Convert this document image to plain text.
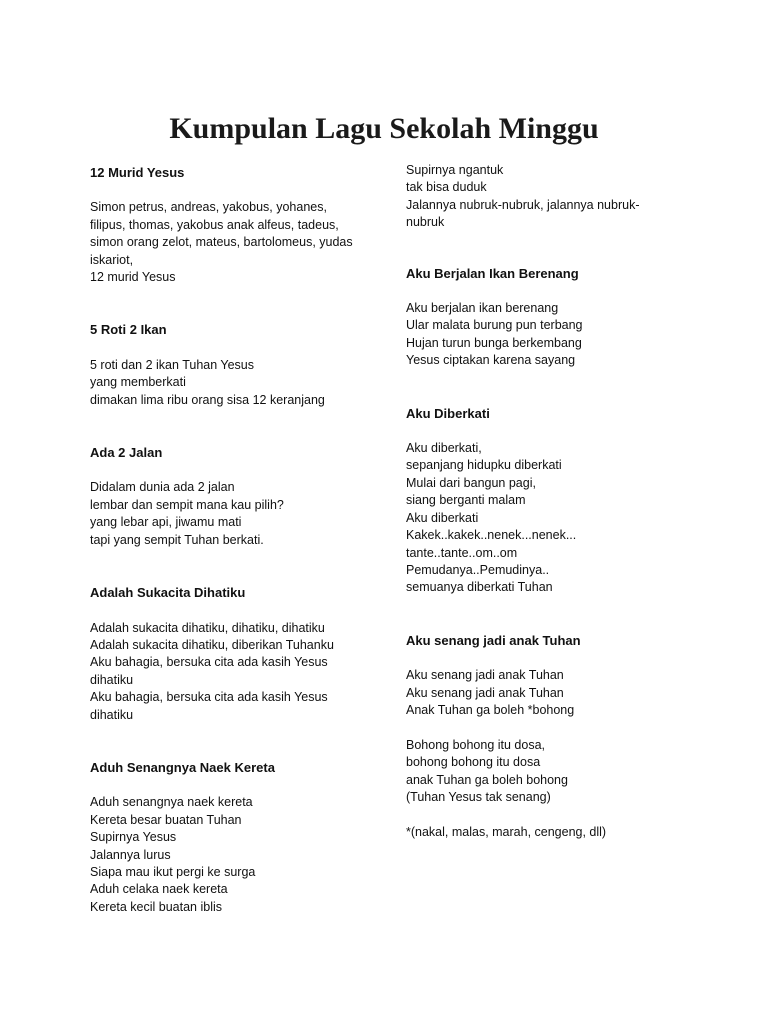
Kumpulan Lagu Sekolah Minggu
12 Murid Yesus
Simon petrus, andreas, yakobus, yohanes,
filipus, thomas, yakobus anak alfeus, tadeus,
simon orang zelot, mateus, bartolomeus, yudas
iskariot,
12 murid Yesus
5 Roti 2 Ikan
5 roti dan 2 ikan Tuhan Yesus
yang memberkati
dimakan lima ribu orang sisa 12 keranjang
Ada 2 Jalan
Didalam dunia ada 2 jalan
lembar dan sempit mana kau pilih?
yang lebar api, jiwamu mati
tapi yang sempit Tuhan berkati.
Adalah Sukacita Dihatiku
Adalah sukacita dihatiku, dihatiku, dihatiku
Adalah sukacita dihatiku, diberikan Tuhanku
Aku bahagia, bersuka cita ada kasih Yesus
dihatiku
Aku bahagia, bersuka cita ada kasih Yesus
dihatiku
Aduh Senangnya Naek Kereta
Aduh senangnya naek kereta
Kereta besar buatan Tuhan
Supirnya Yesus
Jalannya lurus
Siapa mau ikut pergi ke surga
Aduh celaka naek kereta
Kereta kecil buatan iblis
Supirnya ngantuk
tak bisa duduk
Jalannya nubruk-nubruk, jalannya nubruk-
nubruk
Aku Berjalan Ikan Berenang
Aku berjalan ikan berenang
Ular malata burung pun terbang
Hujan turun bunga berkembang
Yesus ciptakan karena sayang
Aku Diberkati
Aku diberkati,
sepanjang hidupku diberkati
Mulai dari bangun pagi,
siang berganti malam
Aku diberkati
Kakek..kakek..nenek...nenek...
tante..tante..om..om
Pemudanya..Pemudinya..
semuanya diberkati Tuhan
Aku senang jadi anak Tuhan
Aku senang jadi anak Tuhan
Aku senang jadi anak Tuhan
Anak Tuhan ga boleh *bohong
Bohong bohong itu dosa,
bohong bohong itu dosa
anak Tuhan ga boleh bohong
(Tuhan Yesus tak senang)
*(nakal, malas, marah, cengeng, dll)
